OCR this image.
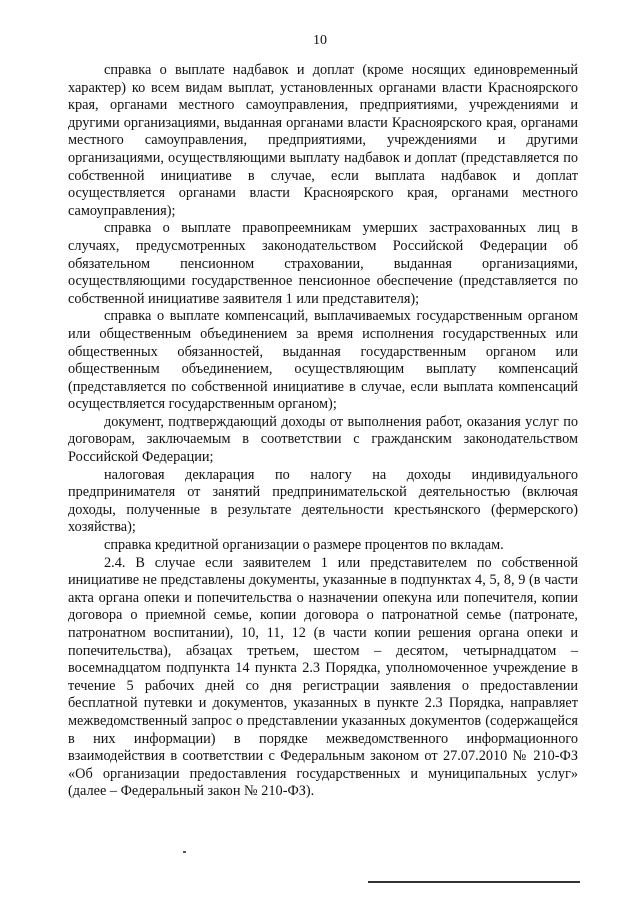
10

справка о выплате надбавок и доплат (кроме носящих единовременный характер) ко всем видам выплат, установленных органами власти Красноярского края, органами местного самоуправления, предприятиями, учреждениями и другими организациями, выданная органами власти Красноярского края, органами местного самоуправления, предприятиями, учреждениями и другими организациями, осуществляющими выплату надбавок и доплат (представляется по собственной инициативе в случае, если выплата надбавок и доплат осуществляется органами власти Красноярского края, органами местного самоуправления);

справка о выплате правопреемникам умерших застрахованных лиц в случаях, предусмотренных законодательством Российской Федерации об обязательном пенсионном страховании, выданная организациями, осуществляющими государственное пенсионное обеспечение (представляется по собственной инициативе заявителя 1 или представителя);

справка о выплате компенсаций, выплачиваемых государственным органом или общественным объединением за время исполнения государственных или общественных обязанностей, выданная государственным органом или общественным объединением, осуществляющим выплату компенсаций (представляется по собственной инициативе в случае, если выплата компенсаций осуществляется государственным органом);

документ, подтверждающий доходы от выполнения работ, оказания услуг по договорам, заключаемым в соответствии с гражданским законодательством Российской Федерации;

налоговая декларация по налогу на доходы индивидуального предпринимателя от занятий предпринимательской деятельностью (включая доходы, полученные в результате деятельности крестьянского (фермерского) хозяйства);

справка кредитной организации о размере процентов по вкладам.

2.4. В случае если заявителем 1 или представителем по собственной инициативе не представлены документы, указанные в подпунктах 4, 5, 8, 9 (в части акта органа опеки и попечительства о назначении опекуна или попечителя, копии договора о приемной семье, копии договора о патронатной семье (патронате, патронатном воспитании), 10, 11, 12 (в части копии решения органа опеки и попечительства), абзацах третьем, шестом – десятом, четырнадцатом – восемнадцатом подпункта 14 пункта 2.3 Порядка, уполномоченное учреждение в течение 5 рабочих дней со дня регистрации заявления о предоставлении бесплатной путевки и документов, указанных в пункте 2.3 Порядка, направляет межведомственный запрос о представлении указанных документов (содержащейся в них информации) в порядке межведомственного информационного взаимодействия в соответствии с Федеральным законом от 27.07.2010 № 210-ФЗ «Об организации предоставления государственных и муниципальных услуг» (далее – Федеральный закон № 210-ФЗ).
